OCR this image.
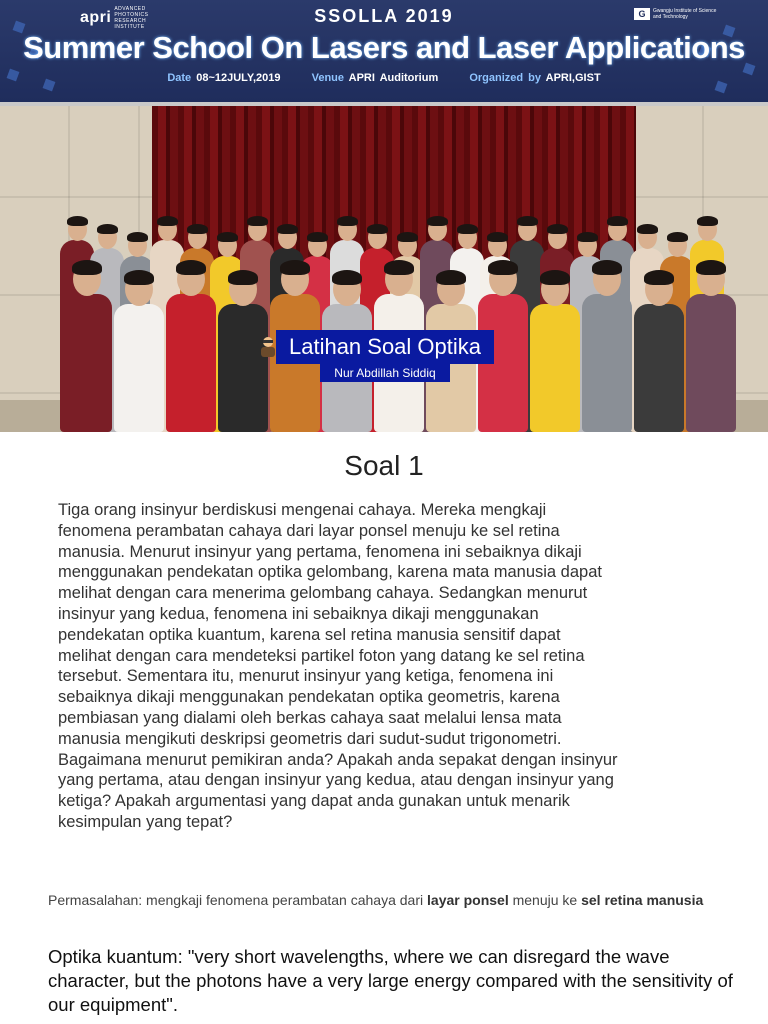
apriADVANCED PHOTONICS RESEARCH INSTITUTE
G Gwangju Institute of Science and Technology
SSOLLA 2019
Summer School On Lasers and Laser Applications
Date 08~12JULY,2019	Venue APRI Auditorium	Organized by APRI,GIST
Latihan Soal Optika
Nur Abdillah Siddiq
Soal 1
Tiga orang insinyur berdiskusi mengenai cahaya. Mereka mengkaji
fenomena perambatan cahaya dari layar ponsel menuju ke sel retina
manusia. Menurut insinyur yang pertama, fenomena ini sebaiknya dikaji
menggunakan pendekatan optika gelombang, karena mata manusia dapat
melihat dengan cara menerima gelombang cahaya. Sedangkan menurut
insinyur yang kedua, fenomena ini sebaiknya dikaji menggunakan
pendekatan optika kuantum, karena sel retina manusia sensitif dapat
melihat dengan cara mendeteksi partikel foton yang datang ke sel retina
tersebut. Sementara itu, menurut insinyur yang ketiga, fenomena ini
sebaiknya dikaji menggunakan pendekatan optika geometris, karena
pembiasan yang dialami oleh berkas cahaya saat melalui lensa mata
manusia mengikuti deskripsi geometris dari sudut-sudut trigonometri.
Bagaimana menurut pemikiran anda? Apakah anda sepakat dengan insinyur
yang pertama, atau dengan insinyur yang kedua, atau dengan insinyur yang
ketiga? Apakah argumentasi yang dapat anda gunakan untuk menarik
kesimpulan yang tepat?
Permasalahan: mengkaji fenomena perambatan cahaya dari layar ponsel menuju ke sel retina manusia
Optika kuantum: "very short wavelengths, where we can disregard the wave character, but the photons have a very large energy compared with the sensitivity of our equipment".
